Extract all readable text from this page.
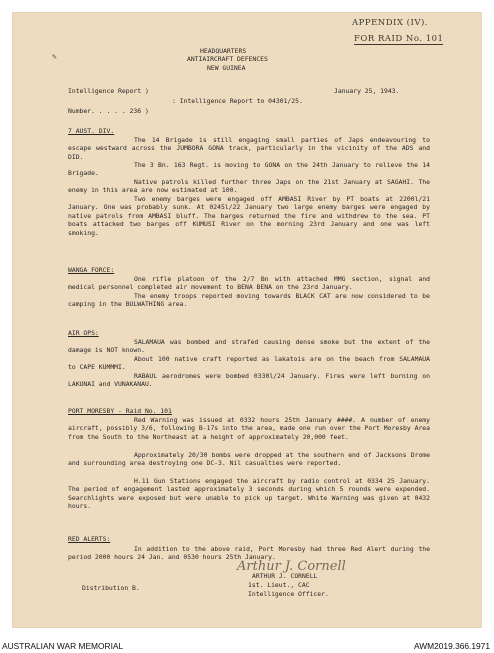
APPENDIX (IV).
FOR RAID No. 101
✎
HEADQUARTERS
ANTIAIRCRAFT DEFENCES
NEW GUINEA
Intelligence Report )	January 25, 1943.
: Intelligence Report to 04301/25.
Number. . . . . 236 )
7 AUST. DIV.
The 14 Brigade is still engaging small parties of Japs endeavouring to escape westward across the JUMBORA GONA track, particularly in the vicinity of the ADS and DID.
The 3 Bn. 163 Regt. is moving to GONA on the 24th January to relieve the 14 Brigade.
Native patrols killed further three Japs on the 21st January at SAGAHI. The enemy in this area are now estimated at 100.
Two enemy barges were engaged off AMBASI River by PT boats at 2200l/21 January. One was probably sunk. At 0245l/22 January two large enemy barges were engaged by native patrols from AMBASI bluff. The barges returned the fire and withdrew to the sea. PT boats attacked two barges off KUMUSI River on the morning 23rd January and one was left smoking.
WANGA FORCE:
One rifle platoon of the 2/7 Bn with attached MMG section, signal and medical personnel completed air movement to BENA BENA on the 23rd January.
The enemy troops reported moving towards BLACK CAT are now considered to be camping in the BULWATHING area.
AIR OPS:
SALAMAUA was bombed and strafed causing dense smoke but the extent of the damage is NOT known.
About 100 native craft reported as lakatois are on the beach from SALAMAUA to CAPE KUMMMI.
RABAUL aerodromes were bombed 0330l/24 January. Fires were left burning on LAKUNAI and VUNAKANAU.
PORT MORESBY - Raid No. 101
Red Warning was issued at 0332 hours 25th January ####. A number of enemy aircraft, possibly 3/6, following B-17s into the area, made one run over the Port Moresby Area from the South to the Northeast at a height of approximately 20,000 feet.
Approximately 20/30 bombs were dropped at the southern end of Jacksons Drome and surrounding area destroying one DC-3. Nil casualties were reported.
H.11 Gun Stations engaged the aircraft by radio control at 0334 25 January. The period of engagement lasted approximately 3 seconds during which 5 rounds were expended. Searchlights were exposed but were unable to pick up target. White Warning was given at 0432 hours.
RED ALERTS:
In addition to the above raid, Port Moresby had three Red Alert during the period 2000 hours 24 Jan. and 0530 hours 25th January.
Arthur J. Cornell
ARTHUR J. CORNELL
1st. Lieut., CAC
Intelligence Officer.
Distribution B.
AUSTRALIAN WAR MEMORIAL	AWM2019.366.1971
